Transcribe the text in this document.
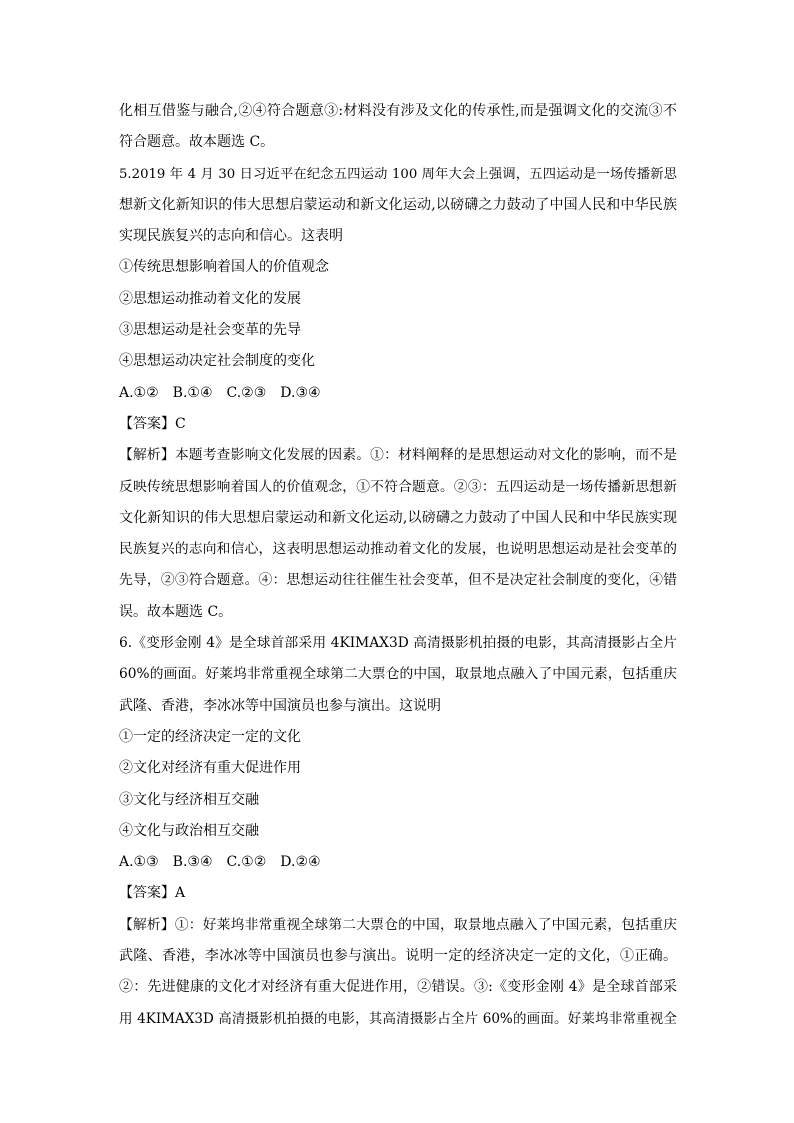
化相互借鉴与融合,②④符合题意③:材料没有涉及文化的传承性,而是强调文化的交流③不
符合题意。故本题选 C。
5.2019 年 4 月 30 日习近平在纪念五四运动 100 周年大会上强调，五四运动是一场传播新思
想新文化新知识的伟大思想启蒙运动和新文化运动,以磅礴之力鼓动了中国人民和中华民族
实现民族复兴的志向和信心。这表明
①传统思想影响着国人的价值观念
②思想运动推动着文化的发展
③思想运动是社会变革的先导
④思想运动决定社会制度的变化
A.①②　B.①④　C.②③　D.③④
【答案】C
【解析】本题考查影响文化发展的因素。①：材料阐释的是思想运动对文化的影响，而不是
反映传统思想影响着国人的价值观念，①不符合题意。②③：五四运动是一场传播新思想新
文化新知识的伟大思想启蒙运动和新文化运动,以磅礴之力鼓动了中国人民和中华民族实现
民族复兴的志向和信心，这表明思想运动推动着文化的发展，也说明思想运动是社会变革的
先导，②③符合题意。④：思想运动往往催生社会变革，但不是决定社会制度的变化，④错
误。故本题选 C。
6.《变形金刚 4》是全球首部采用 4KIMAX3D 高清摄影机拍摄的电影，其高清摄影占全片
60%的画面。好莱坞非常重视全球第二大票仓的中国，取景地点融入了中国元素，包括重庆
武隆、香港，李冰冰等中国演员也参与演出。这说明
①一定的经济决定一定的文化
②文化对经济有重大促进作用
③文化与经济相互交融
④文化与政治相互交融
A.①③　B.③④　C.①②　D.②④
【答案】A
【解析】①：好莱坞非常重视全球第二大票仓的中国，取景地点融入了中国元素，包括重庆
武隆、香港，李冰冰等中国演员也参与演出。说明一定的经济决定一定的文化，①正确。
②：先进健康的文化才对经济有重大促进作用，②错误。③:《变形金刚 4》是全球首部采
用 4KIMAX3D 高清摄影机拍摄的电影，其高清摄影占全片 60%的画面。好莱坞非常重视全
